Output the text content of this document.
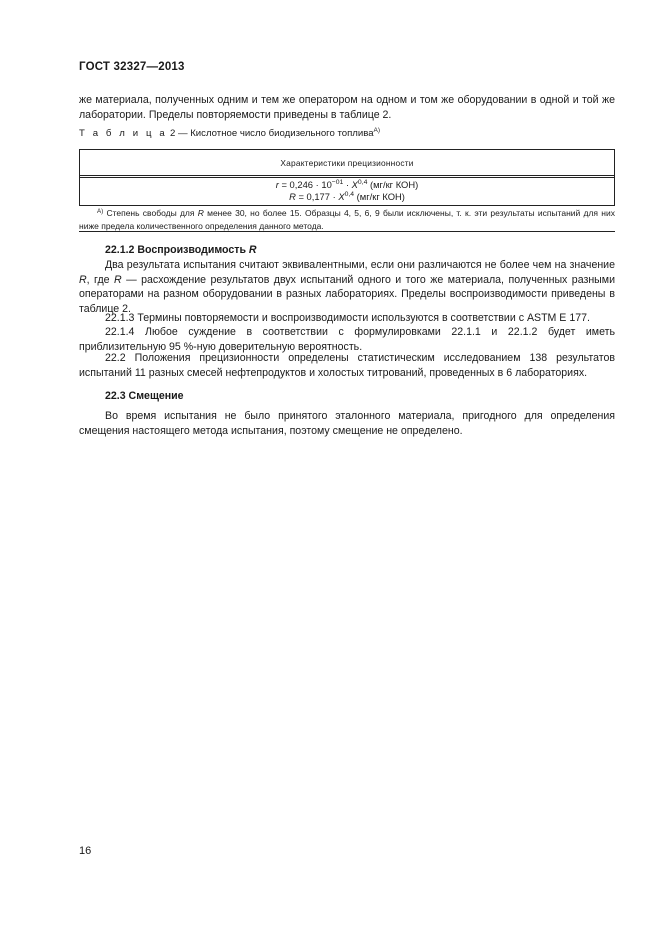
ГОСТ 32327—2013
же материала, полученных одним и тем же оператором на одном и том же оборудовании в одной и той же лаборатории. Пределы повторяемости приведены в таблице 2.
Т а б л и ц а 2 — Кислотное число биодизельного топлива$^{A)}$
Характеристики прецизионности
$r = 0,246 \cdot 10^{-01} \cdot X^{0,4}$ (мг/кг КОН)
R = 0,177 · X$^{0,4}$ (мг/кг КОН)
$^{A)}$ Степень свободы для R менее 30, но более 15. Образцы 4, 5, 6, 9 были исключены, т. к. эти результаты испытаний для них ниже предела количественного определения данного метода.
22.1.2 Воспроизводимость R
Два результата испытания считают эквивалентными, если они различаются не более чем на значение R, где R — расхождение результатов двух испытаний одного и того же материала, полученных разными операторами на разном оборудовании в разных лабораториях. Пределы воспроизводимости приведены в таблице 2.
22.1.3 Термины повторяемости и воспроизводимости используются в соответствии с ASTM E 177.
22.1.4 Любое суждение в соответствии с формулировками 22.1.1 и 22.1.2 будет иметь приблизительную 95 %-ную доверительную вероятность.
22.2 Положения прецизионности определены статистическим исследованием 138 результатов испытаний 11 разных смесей нефтепродуктов и холостых титрований, проведенных в 6 лабораториях.
22.3 Смещение
Во время испытания не было принятого эталонного материала, пригодного для определения смещения настоящего метода испытания, поэтому смещение не определено.
16
